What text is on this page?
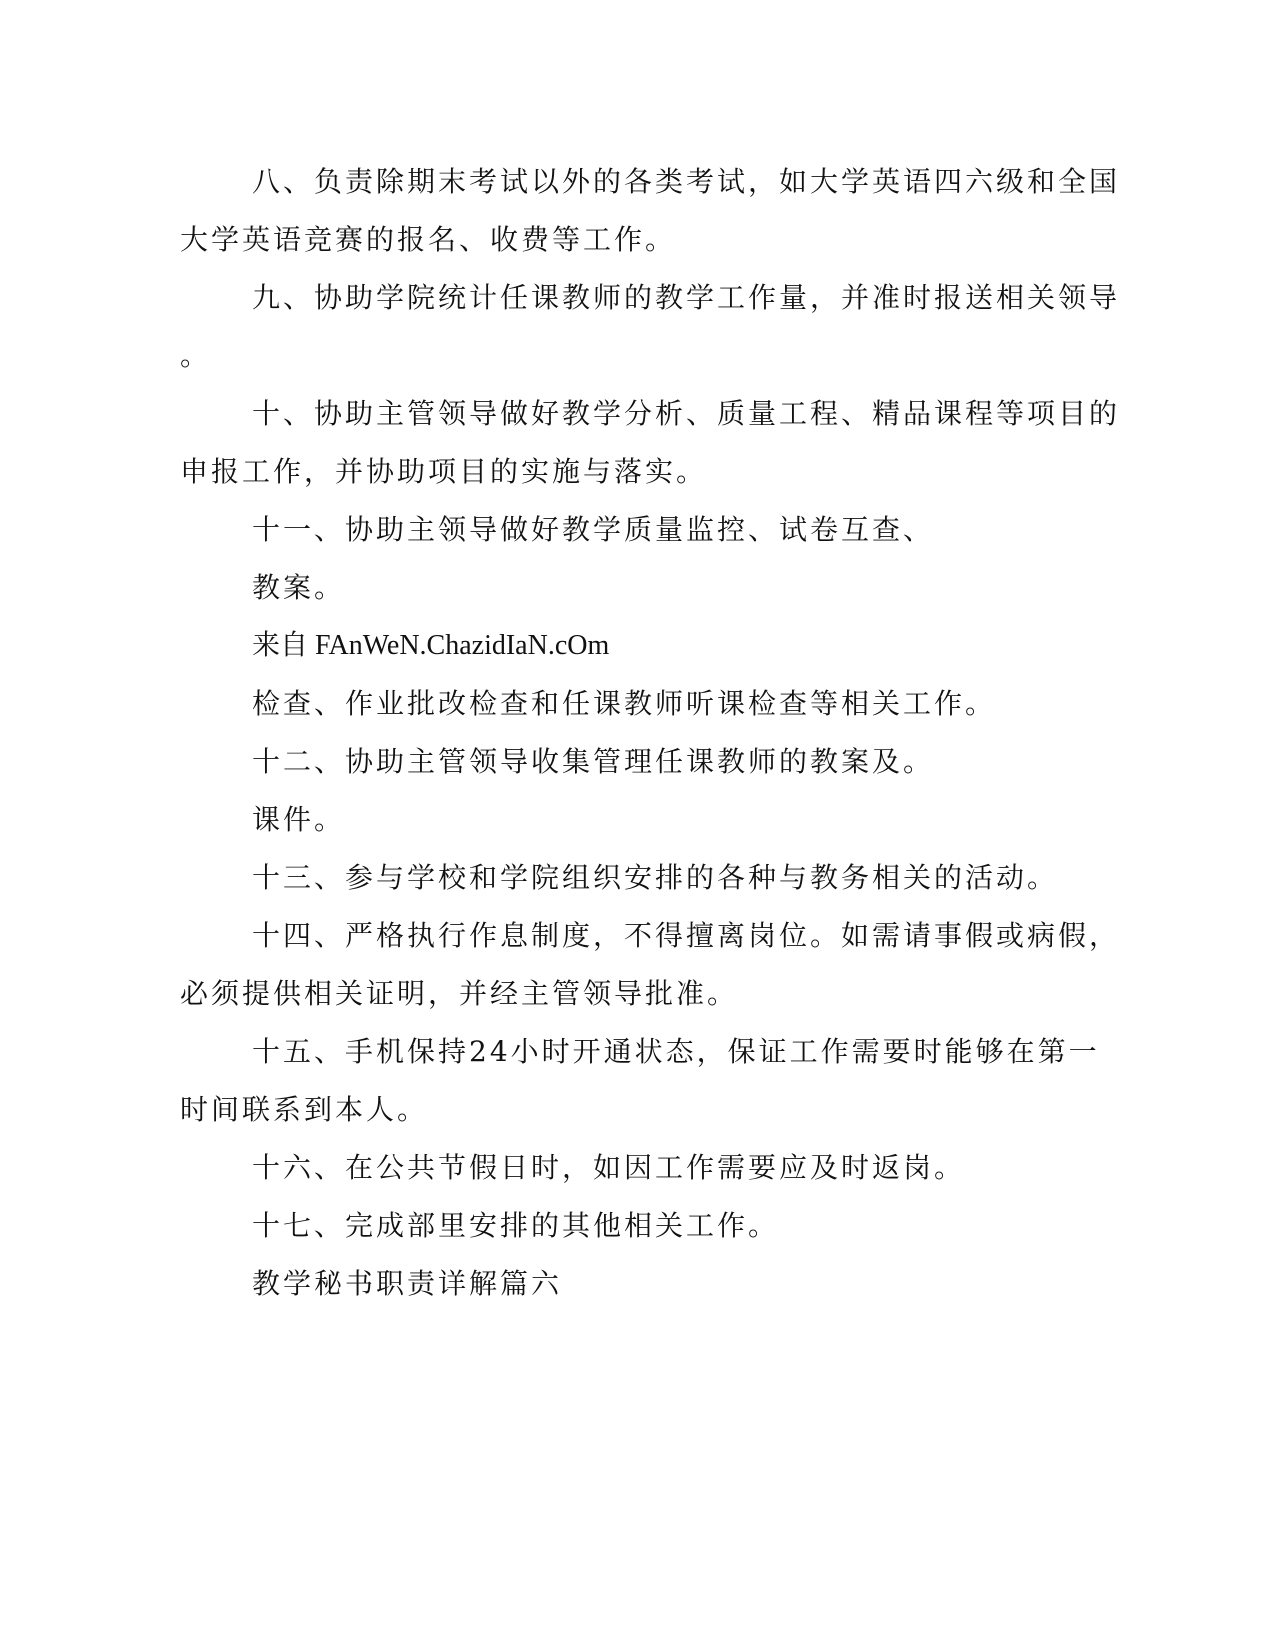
八、负责除期末考试以外的各类考试，如大学英语四六级和全国
大学英语竞赛的报名、收费等工作。
九、协助学院统计任课教师的教学工作量，并准时报送相关领导
。
十、协助主管领导做好教学分析、质量工程、精品课程等项目的
申报工作，并协助项目的实施与落实。
十一、协助主领导做好教学质量监控、试卷互查、
教案。
来自 FAnWeN.ChazidIaN.cOm
检查、作业批改检查和任课教师听课检查等相关工作。
十二、协助主管领导收集管理任课教师的教案及。
课件。
十三、参与学校和学院组织安排的各种与教务相关的活动。
十四、严格执行作息制度，不得擅离岗位。如需请事假或病假，
必须提供相关证明，并经主管领导批准。
十五、手机保持24小时开通状态，保证工作需要时能够在第一
时间联系到本人。
十六、在公共节假日时，如因工作需要应及时返岗。
十七、完成部里安排的其他相关工作。
教学秘书职责详解篇六
